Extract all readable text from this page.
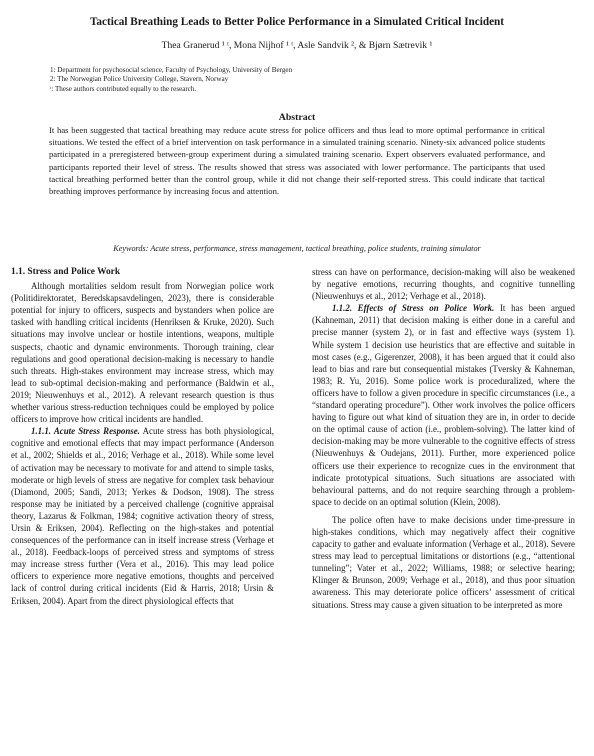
Tactical Breathing Leads to Better Police Performance in a Simulated Critical Incident
Thea Granerud ¹ ᵗ, Mona Nijhof ¹ ᵗ, Asle Sandvik ², & Bjørn Sætrevik ¹
1: Department for psychosocial science, Faculty of Psychology, University of Bergen
2: The Norwegian Police University College, Stavern, Norway
ᵗ: These authors contributed equally to the research.
Abstract
It has been suggested that tactical breathing may reduce acute stress for police officers and thus lead to more optimal performance in critical situations. We tested the effect of a brief intervention on task performance in a simulated training scenario. Ninety-six advanced police students participated in a preregistered between-group experiment during a simulated training scenario. Expert observers evaluated performance, and participants reported their level of stress. The results showed that stress was associated with lower performance. The participants that used tactical breathing performed better than the control group, while it did not change their self-reported stress. This could indicate that tactical breathing improves performance by increasing focus and attention.
Keywords: Acute stress, performance, stress management, tactical breathing, police students, training simulator
1.1. Stress and Police Work

Although mortalities seldom result from Norwegian police work (Politidirektoratet, Beredskapsavdelingen, 2023), there is considerable potential for injury to officers, suspects and bystanders when police are tasked with handling critical incidents (Henriksen & Kruke, 2020). Such situations may involve unclear or hostile intentions, weapons, multiple suspects, chaotic and dynamic environments. Thorough training, clear regulations and good operational decision-making is necessary to handle such threats. High-stakes environment may increase stress, which may lead to sub-optimal decision-making and performance (Baldwin et al., 2019; Nieuwenhuys et al., 2012). A relevant research question is thus whether various stress-reduction techniques could be employed by police officers to improve how critical incidents are handled.

1.1.1. Acute Stress Response. Acute stress has both physiological, cognitive and emotional effects that may impact performance (Anderson et al., 2002; Shields et al., 2016; Verhage et al., 2018). While some level of activation may be necessary to motivate for and attend to simple tasks, moderate or high levels of stress are negative for complex task behaviour (Diamond, 2005; Sandi, 2013; Yerkes & Dodson, 1908). The stress response may be initiated by a perceived challenge (cognitive appraisal theory, Lazarus & Folkman, 1984; cognitive activation theory of stress, Ursin & Eriksen, 2004). Reflecting on the high-stakes and potential consequences of the performance can in itself increase stress (Verhage et al., 2018). Feedback-loops of perceived stress and symptoms of stress may increase stress further (Vera et al., 2016). This may lead police officers to experience more negative emotions, thoughts and perceived lack of control during critical incidents (Eid & Harris, 2018; Ursin & Eriksen, 2004). Apart from the direct physiological effects that

stress can have on performance, decision-making will also be weakened by negative emotions, recurring thoughts, and cognitive tunnelling (Nieuwenhuys et al., 2012; Verhage et al., 2018).

1.1.2. Effects of Stress on Police Work. It has been argued (Kahneman, 2011) that decision making is either done in a careful and precise manner (system 2), or in fast and effective ways (system 1). While system 1 decision use heuristics that are effective and suitable in most cases (e.g., Gigerenzer, 2008), it has been argued that it could also lead to bias and rare but consequential mistakes (Tversky & Kahneman, 1983; R. Yu, 2016). Some police work is proceduralized, where the officers have to follow a given procedure in specific circumstances (i.e., a “standard operating procedure”). Other work involves the police officers having to figure out what kind of situation they are in, in order to decide on the optimal cause of action (i.e., problem-solving). The latter kind of decision-making may be more vulnerable to the cognitive effects of stress (Nieuwenhuys & Oudejans, 2011). Further, more experienced police officers use their experience to recognize cues in the environment that indicate prototypical situations. Such situations are associated with behavioural patterns, and do not require searching through a problem-space to decide on an optimal solution (Klein, 2008).

The police often have to make decisions under time-pressure in high-stakes conditions, which may negatively affect their cognitive capacity to gather and evaluate information (Verhage et al., 2018). Severe stress may lead to perceptual limitations or distortions (e.g., “attentional tunneling”; Vater et al., 2022; Williams, 1988; or selective hearing; Klinger & Brunson, 2009; Verhage et al., 2018), and thus poor situation awareness. This may deteriorate police officers’ assessment of critical situations. Stress may cause a given situation to be interpreted as more
